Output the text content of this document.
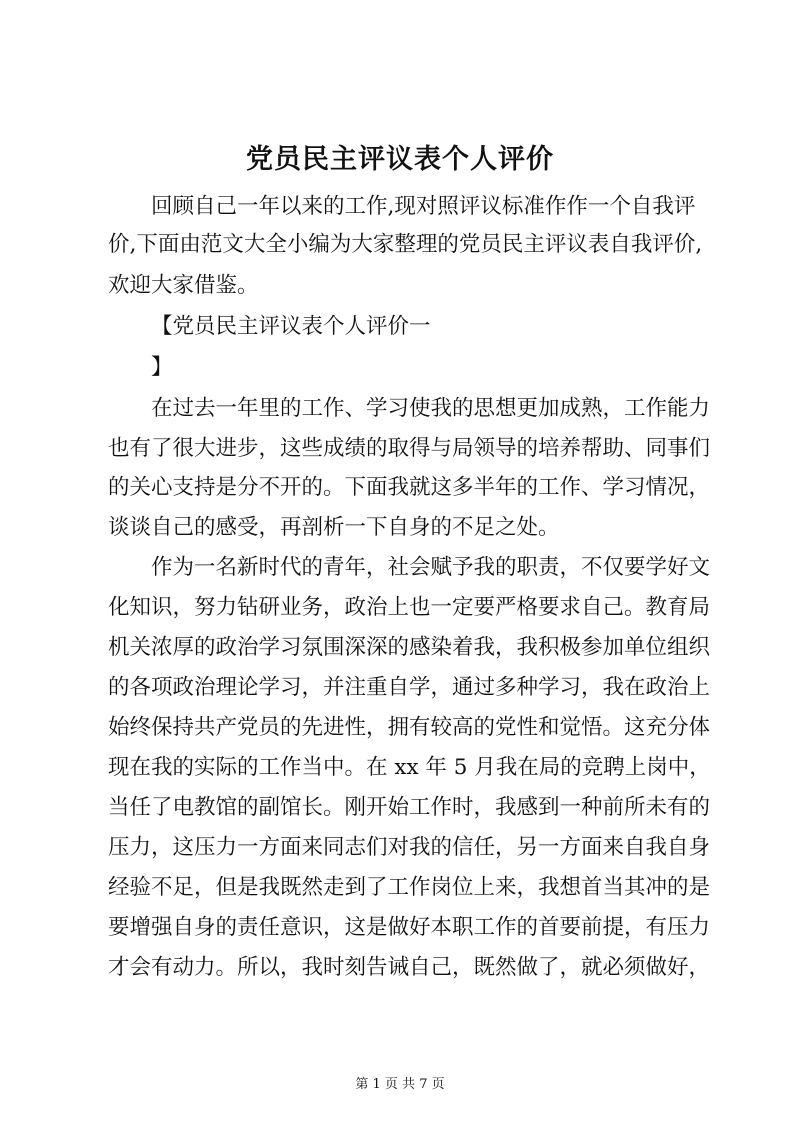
党员民主评议表个人评价

回顾自己一年以来的工作,现对照评议标准作作一个自我评

价,下面由范文大全小编为大家整理的党员民主评议表自我评价,

欢迎大家借鉴。

【党员民主评议表个人评价一

】

在过去一年里的工作、学习使我的思想更加成熟，工作能力

也有了很大进步，这些成绩的取得与局领导的培养帮助、同事们

的关心支持是分不开的。下面我就这多半年的工作、学习情况，

谈谈自己的感受，再剖析一下自身的不足之处。

作为一名新时代的青年，社会赋予我的职责，不仅要学好文

化知识，努力钻研业务，政治上也一定要严格要求自己。教育局

机关浓厚的政治学习氛围深深的感染着我，我积极参加单位组织

的各项政治理论学习，并注重自学，通过多种学习，我在政治上

始终保持共产党员的先进性，拥有较高的党性和觉悟。这充分体

现在我的实际的工作当中。在 xx 年 5 月我在局的竞聘上岗中，

当任了电教馆的副馆长。刚开始工作时，我感到一种前所未有的

压力，这压力一方面来同志们对我的信任，另一方面来自我自身

经验不足，但是我既然走到了工作岗位上来，我想首当其冲的是

要增强自身的责任意识，这是做好本职工作的首要前提，有压力

才会有动力。所以，我时刻告诫自己，既然做了，就必须做好，

第 1 页 共 7 页
